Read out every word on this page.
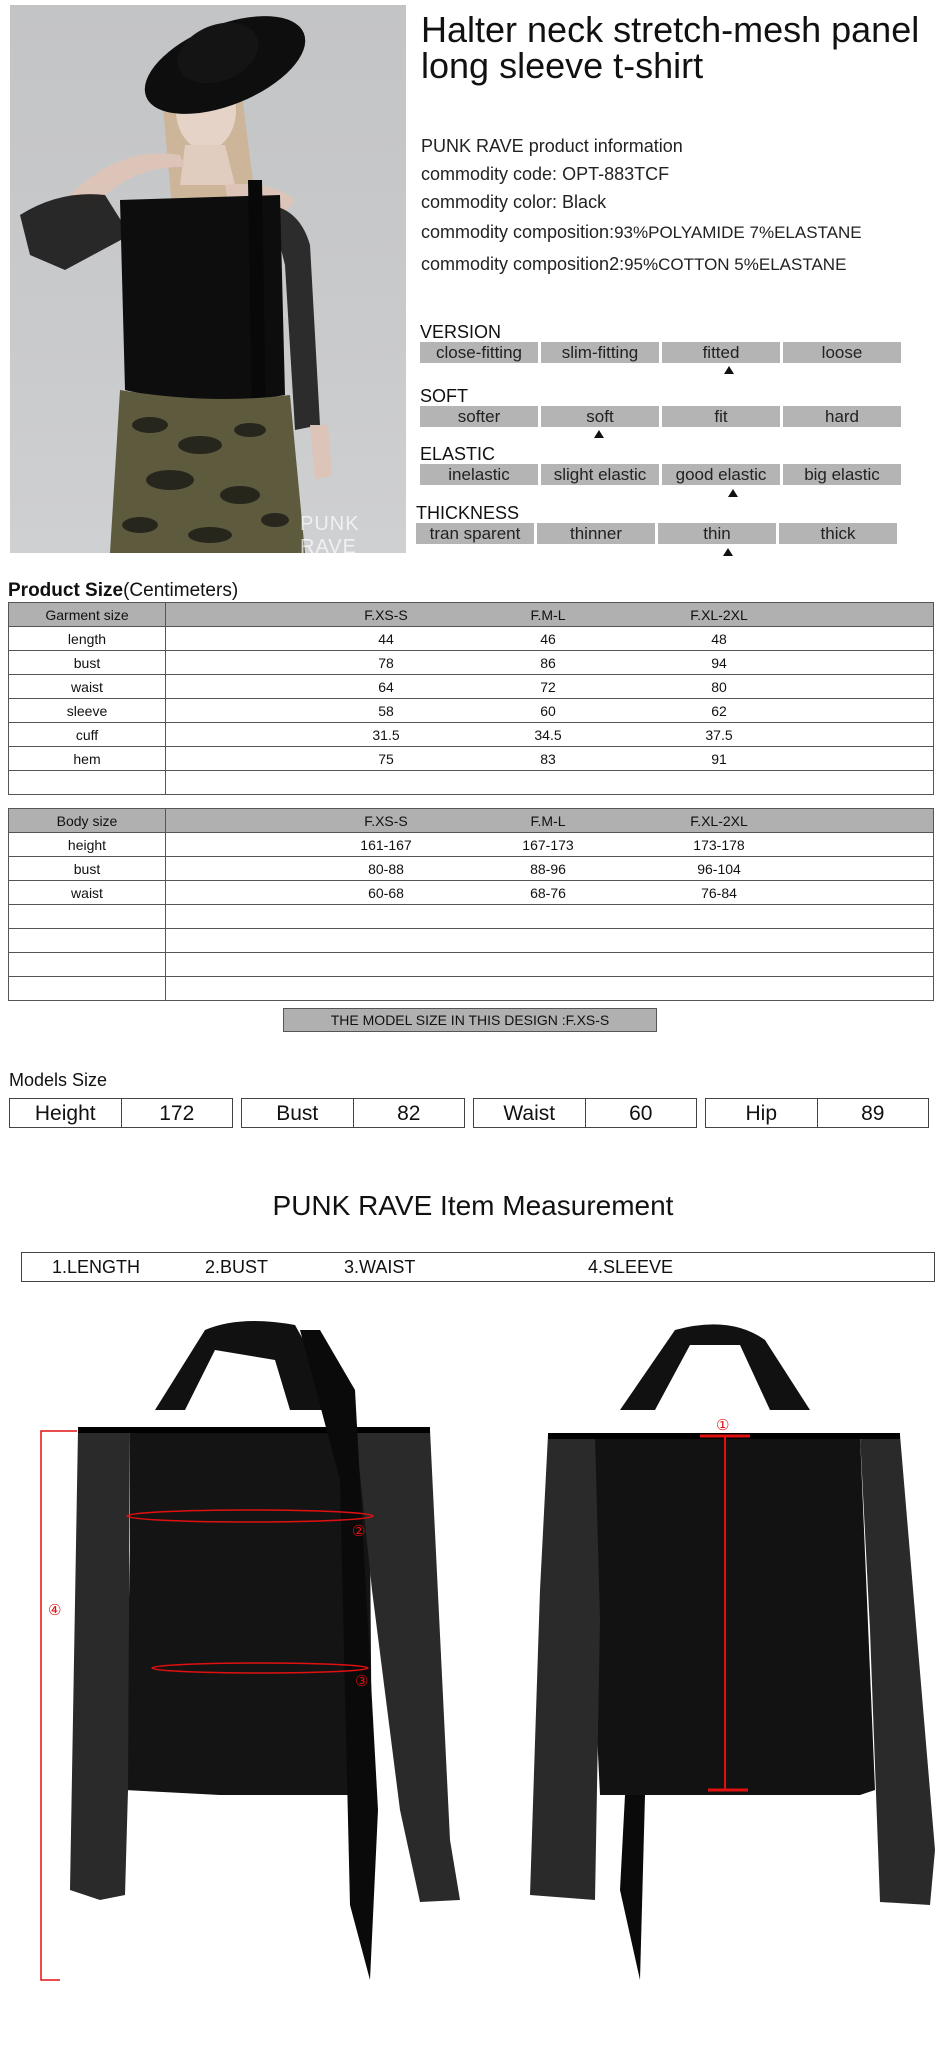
PUNK RAVE
Halter neck stretch-mesh panel long sleeve t-shirt
PUNK RAVE product information
commodity code: OPT-883TCF
commodity color: Black
commodity composition:93%POLYAMIDE 7%ELASTANE
commodity composition2:95%COTTON 5%ELASTANE
VERSION
close-fitting	slim-fitting	fitted	loose
SOFT
softer	soft	fit	hard
ELASTIC
inelastic	slight elastic	good elastic	big elastic
THICKNESS
tran sparent	thinner	thin	thick
Product Size(Centimeters)
Garment size	F.XS-S F.M-L F.XL-2XL

length	44 46 48

bust	78 86 94

waist	64 72 80

sleeve	58 60 62

cuff	31.5 34.5 37.5

hem	75 83 91

Body size	F.XS-S F.M-L F.XL-2XL

height	161-167 167-173 173-178

bust	80-88 88-96 96-104

waist	60-68 68-76 76-84

THE MODEL SIZE IN THIS DESIGN :F.XS-S
Models Size
Height	172	Bust	82	Waist	60	Hip	89
PUNK RAVE Item Measurement
1.LENGTH	2.BUST	3.WAIST	4.SLEEVE
①
②
③
④
